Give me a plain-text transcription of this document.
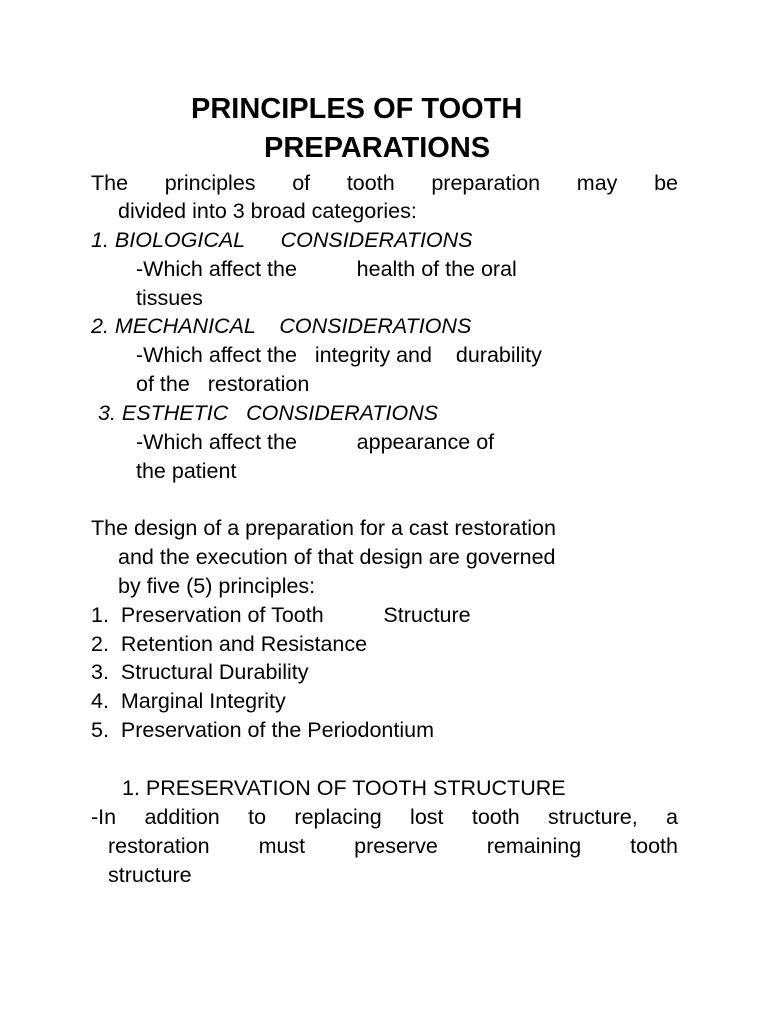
PRINCIPLES OF TOOTH
PREPARATIONS
The principles of tooth preparation may be
divided into 3 broad categories:
1. BIOLOGICAL      CONSIDERATIONS
-Which affect the          health of the oral
tissues
2. MECHANICAL    CONSIDERATIONS
-Which affect the   integrity and    durability
of the   restoration
3. ESTHETIC   CONSIDERATIONS
-Which affect the          appearance of
the patient
The design of a preparation for a cast restoration
and the execution of that design are governed
by five (5) principles:
1.  Preservation of Tooth          Structure
2.  Retention and Resistance
3.  Structural Durability
4.  Marginal Integrity
5.  Preservation of the Periodontium
1. PRESERVATION OF TOOTH STRUCTURE
-In addition to replacing lost tooth structure, a
restoration must preserve remaining tooth
structure
